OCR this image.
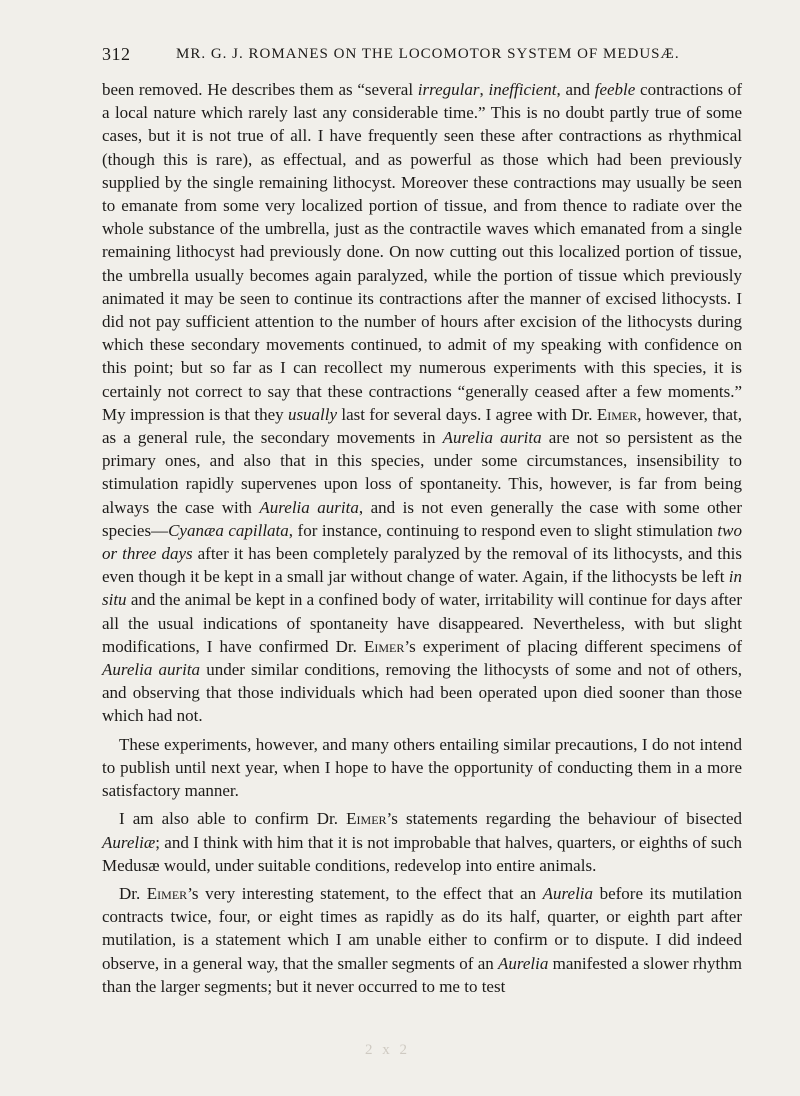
312	MR. G. J. ROMANES ON THE LOCOMOTOR SYSTEM OF MEDUSÆ.

been removed. He describes them as “several irregular, inefficient, and feeble contractions of a local nature which rarely last any considerable time.” This is no doubt partly true of some cases, but it is not true of all. I have frequently seen these after contractions as rhythmical (though this is rare), as effectual, and as powerful as those which had been previously supplied by the single remaining lithocyst. Moreover these contractions may usually be seen to emanate from some very localized portion of tissue, and from thence to radiate over the whole substance of the umbrella, just as the contractile waves which emanated from a single remaining lithocyst had previously done. On now cutting out this localized portion of tissue, the umbrella usually becomes again paralyzed, while the portion of tissue which previously animated it may be seen to continue its contractions after the manner of excised lithocysts. I did not pay sufficient attention to the number of hours after excision of the lithocysts during which these secondary movements continued, to admit of my speaking with confidence on this point; but so far as I can recollect my numerous experiments with this species, it is certainly not correct to say that these contractions “generally ceased after a few moments.” My impression is that they usually last for several days. I agree with Dr. Eimer, however, that, as a general rule, the secondary movements in Aurelia aurita are not so persistent as the primary ones, and also that in this species, under some circumstances, insensibility to stimulation rapidly supervenes upon loss of spontaneity. This, however, is far from being always the case with Aurelia aurita, and is not even generally the case with some other species—Cyanæa capillata, for instance, continuing to respond even to slight stimulation two or three days after it has been completely paralyzed by the removal of its lithocysts, and this even though it be kept in a small jar without change of water. Again, if the lithocysts be left in situ and the animal be kept in a confined body of water, irritability will continue for days after all the usual indications of spontaneity have disappeared. Nevertheless, with but slight modifications, I have confirmed Dr. Eimer’s experiment of placing different specimens of Aurelia aurita under similar conditions, removing the lithocysts of some and not of others, and observing that those individuals which had been operated upon died sooner than those which had not.

These experiments, however, and many others entailing similar precautions, I do not intend to publish until next year, when I hope to have the opportunity of conducting them in a more satisfactory manner.

I am also able to confirm Dr. Eimer’s statements regarding the behaviour of bisected Aureliæ; and I think with him that it is not improbable that halves, quarters, or eighths of such Medusæ would, under suitable conditions, redevelop into entire animals.

Dr. Eimer’s very interesting statement, to the effect that an Aurelia before its mutilation contracts twice, four, or eight times as rapidly as do its half, quarter, or eighth part after mutilation, is a statement which I am unable either to confirm or to dispute. I did indeed observe, in a general way, that the smaller segments of an Aurelia manifested a slower rhythm than the larger segments; but it never occurred to me to test

2 x 2
